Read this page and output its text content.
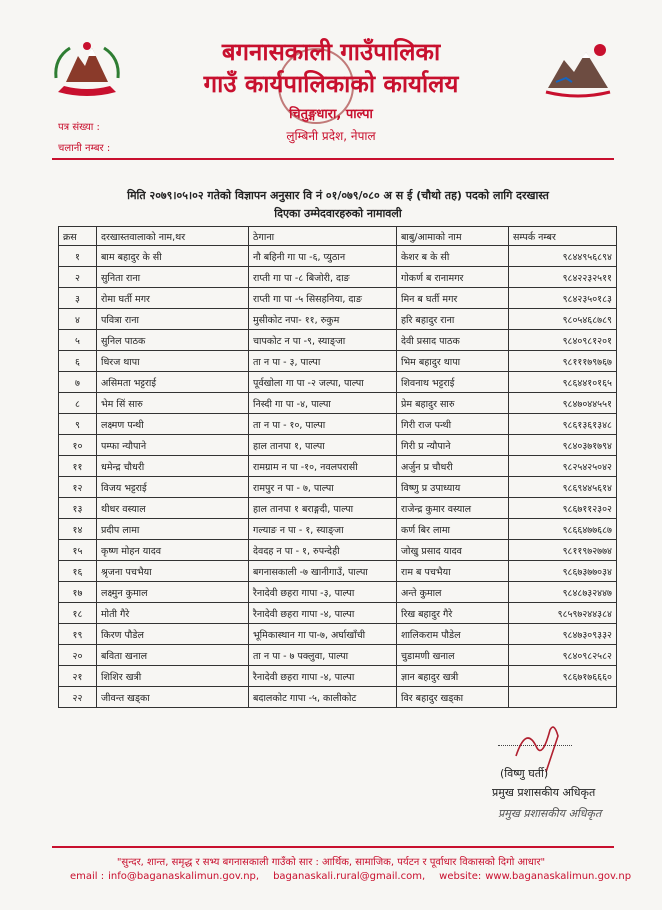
बगनासकाली गाउँपालिका
गाउँ कार्यपालिकाको कार्यालय
चितुङ्गधारा, पाल्पा
लुम्बिनी प्रदेश, नेपाल
पत्र संख्या :
चलानी नम्बर :
मिति २०७९।०५।०२ गतेको विज्ञापन अनुसार वि नं ०१/०७९/०८० अ स ई (चौथो तह) पदको लागि दरखास्त
दिएका उम्मेदवारहरुको नामावली
क्रस	दरखास्तवालाको नाम,थर	ठेगाना	बाबु/आमाको नाम	सम्पर्क नम्बर
१	बाम बहादुर के सी	नौ बहिनी गा पा -६, प्युठान	केशर ब के सी	९८४४९५६८९४
२	सुनिता राना	राप्ती गा पा -८ बिजोरी, दाङ	गोकर्ण ब रानामगर	९८४२२३२५११
३	रोमा घर्ती मगर	राप्ती गा पा -५ सिसहनिया, दाङ	मिन ब घर्ती मगर	९८४२३५०१८३
४	पवित्रा राना	मुसीकोट नपा- ११, रुकुम	हरि बहादुर राना	९८०५४६८७८९
५	सुनिल पाठक	चापकोट न पा -९, स्याङ्जा	देवी प्रसाद पाठक	९८४०९८१२०१
६	धिरज थापा	ता न पा - ३, पाल्पा	भिम बहादुर थापा	९८१११७९७६७
७	असिमता भट्टराई	पूर्वखोला गा पा -२ जल्पा, पाल्पा	शिवनाथ भट्टराई	९८६४४१०१६५
८	भेम सिं सारु	निस्दी गा पा -४, पाल्पा	प्रेम बहादुर सारु	९८४७०४४५५१
९	लक्ष्मण पन्थी	ता न पा - १०, पाल्पा	गिरी राज पन्थी	९८६१३६१३४८
१०	पम्फा न्यौपाने	हाल तानपा १, पाल्पा	गिरी प्र न्यौपाने	९८४०३७१७९४
११	धमेन्द्र चौधरी	रामग्राम न पा -१०, नवलपरासी	अर्जुन प्र चौधरी	९८२५४२५०४२
१२	विजय भट्टराई	रामपुर न पा - ७, पाल्पा	विष्णु प्र उपाध्याय	९८६९४४५६१४
१३	थीधर वस्याल	हाल तानपा १ बराङ्गदी, पाल्पा	राजेन्द्र कुमार वस्याल	९८६७११२३०२
१४	प्रदीप लामा	गल्याङ न पा - १, स्याङ्जा	कर्ण बिर लामा	९८६६४७७६८७
१५	कृष्ण मोहन यादव	देवदह न पा - १, रुपन्देही	जोखु प्रसाद यादव	९८११९७२७७४
१६	श्रृजना पचभैया	बगनासकाली -७ खानीगाउँ, पाल्पा	राम ब पचभैया	९८६७३७७०३४
१७	लक्ष्मुन कुमाल	रैनादेवी छहरा गापा -३, पाल्पा	अन्ते कुमाल	९८४८७३२४४७
१८	मोती गैरे	रैनादेवी छहरा गापा -४, पाल्पा	रिख बहादुर गैरे	९८५९७२४४३८४
१९	किरण पौडेल	भूमिकास्थान गा पा-७, अर्घाखाँची	शालिकराम पौडेल	९८४७३०९३३२
२०	बविता खनाल	ता न पा - ७ पक्लुवा, पाल्पा	चुडामणी खनाल	९८४०९८२५८२
२१	शिशिर खत्री	रैनादेवी छहरा गापा -४, पाल्पा	ज्ञान बहादुर खत्री	९८६७१७६६६०
२२	जीवन्त खड्का	बदालकोट गापा -५, कालीकोट	विर बहादुर खड्का	
(विष्णु घर्ती)
प्रमुख प्रशासकीय अधिकृत
प्रमुख प्रशासकीय अधिकृत
"सुन्दर, शान्त, समृद्ध र सभ्य बगनासकाली गाउँको सार : आर्थिक, सामाजिक, पर्यटन र पूर्वाधार विकासको दिगो आधार"
email : info@baganaskalimun.gov.np, baganaskali.rural@gmail.com, website: www.baganaskalimun.gov.np
